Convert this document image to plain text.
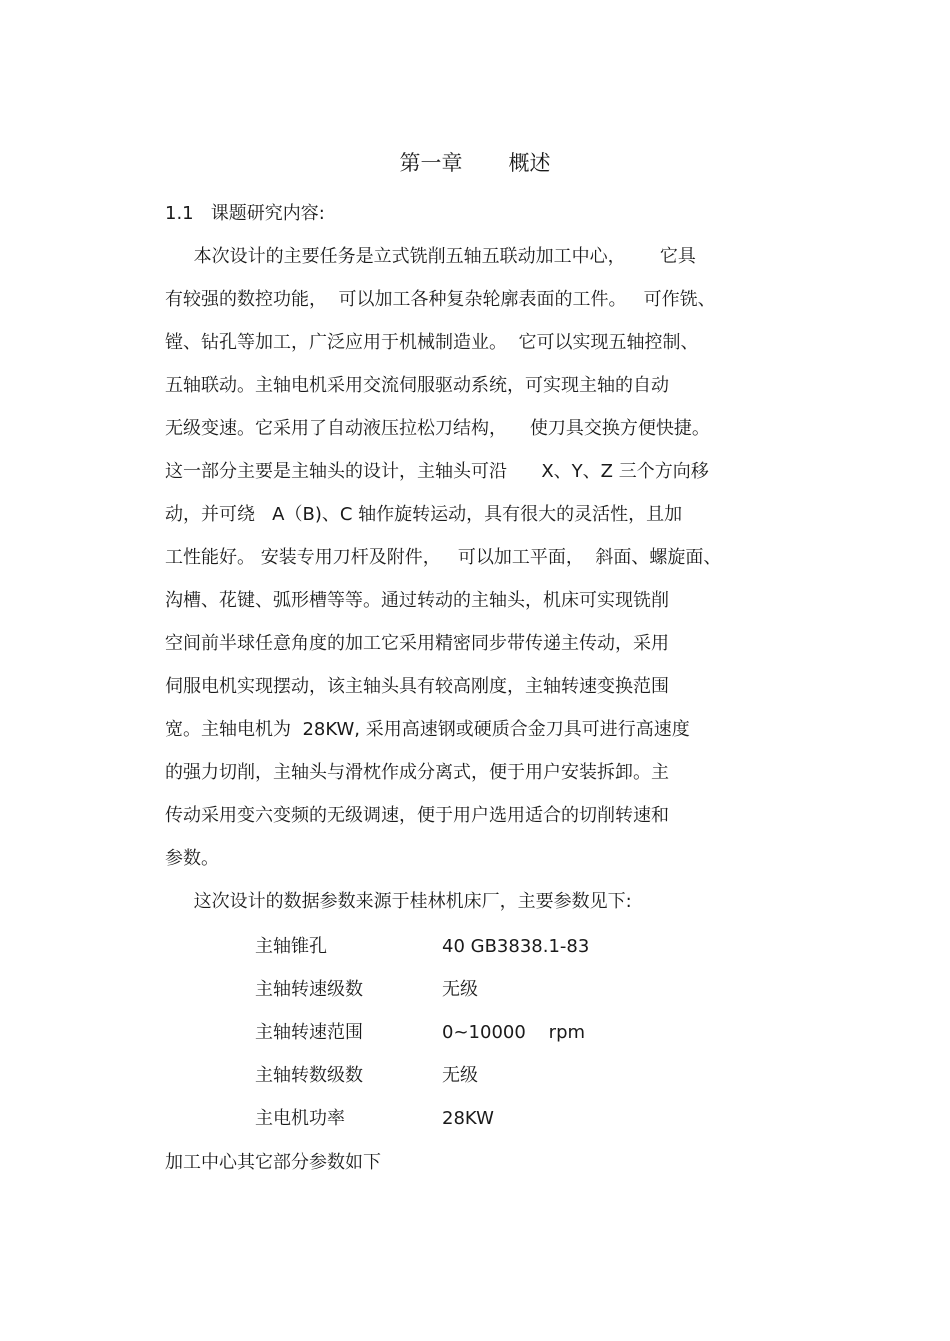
第一章 概述
1.1   课题研究内容:
本次设计的主要任务是立式铣削五轴五联动加工中心，      它具
有较强的数控功能，  可以加工各种复杂轮廓表面的工件。   可作铣、
镗、钻孔等加工，广泛应用于机械制造业。  它可以实现五轴控制、
五轴联动。主轴电机采用交流伺服驱动系统，可实现主轴的自动
无级变速。它采用了自动液压拉松刀结构，    使刀具交换方便快捷。
这一部分主要是主轴头的设计，主轴头可沿      X、Y、Z 三个方向移
动，并可绕   A（B)、C 轴作旋转运动，具有很大的灵活性，且加
工性能好。 安装专用刀杆及附件，   可以加工平面，  斜面、螺旋面、
沟槽、花键、弧形槽等等。通过转动的主轴头，机床可实现铣削
空间前半球任意角度的加工它采用精密同步带传递主传动，采用
伺服电机实现摆动，该主轴头具有较高刚度，主轴转速变换范围
宽。主轴电机为  28KW, 采用高速钢或硬质合金刀具可进行高速度
的强力切削，主轴头与滑枕作成分离式，便于用户安装拆卸。主
传动采用变六变频的无级调速，便于用户选用适合的切削转速和
参数。
这次设计的数据参数来源于桂林机床厂，主要参数见下:
主轴锥孔	40 GB3838.1-83
主轴转速级数	无级
主轴转速范围	0~10000    rpm
主轴转数级数	无级
主电机功率	28KW
加工中心其它部分参数如下
